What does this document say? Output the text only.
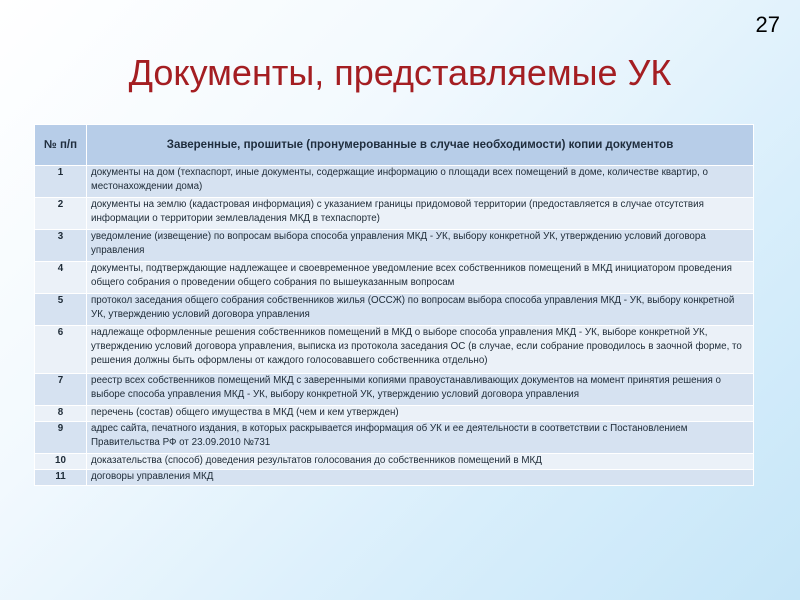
27
Документы, представляемые УК
№ п/п	Заверенные, прошитые (пронумерованные в случае необходимости) копии документов
1	документы на дом (техпаспорт, иные документы, содержащие информацию о площади всех помещений в доме, количестве квартир, о местонахождении дома)
2	документы на землю (кадастровая информация) с указанием границы придомовой территории (предоставляется в случае отсутствия информации о территории землевладения МКД в техпаспорте)
3	уведомление (извещение) по вопросам выбора способа управления МКД - УК, выбору конкретной УК, утверждению условий договора управления
4	документы, подтверждающие надлежащее и своевременное уведомление всех собственников помещений в МКД инициатором проведения общего собрания о проведении общего собрания по вышеуказанным вопросам
5	протокол заседания общего собрания собственников жилья (ОССЖ) по вопросам выбора способа управления МКД - УК, выбору конкретной УК, утверждению условий договора управления
6	надлежаще оформленные решения собственников помещений в МКД о выборе способа управления МКД - УК, выборе конкретной УК, утверждению условий договора управления, выписка из протокола заседания ОС (в случае, если собрание проводилось в заочной форме, то решения должны быть оформлены от каждого голосовавшего собственника отдельно)
7	реестр всех собственников помещений МКД с заверенными копиями правоустанавливающих документов на момент принятия решения о выборе способа управления МКД - УК, выбору конкретной УК, утверждению условий договора управления
8	перечень (состав) общего имущества в МКД (чем и кем утвержден)
9	адрес сайта, печатного издания, в которых раскрывается информация об УК и ее деятельности в соответствии с Постановлением Правительства РФ от 23.09.2010 №731
10	доказательства (способ) доведения результатов голосования до собственников помещений в МКД
11	договоры управления МКД
